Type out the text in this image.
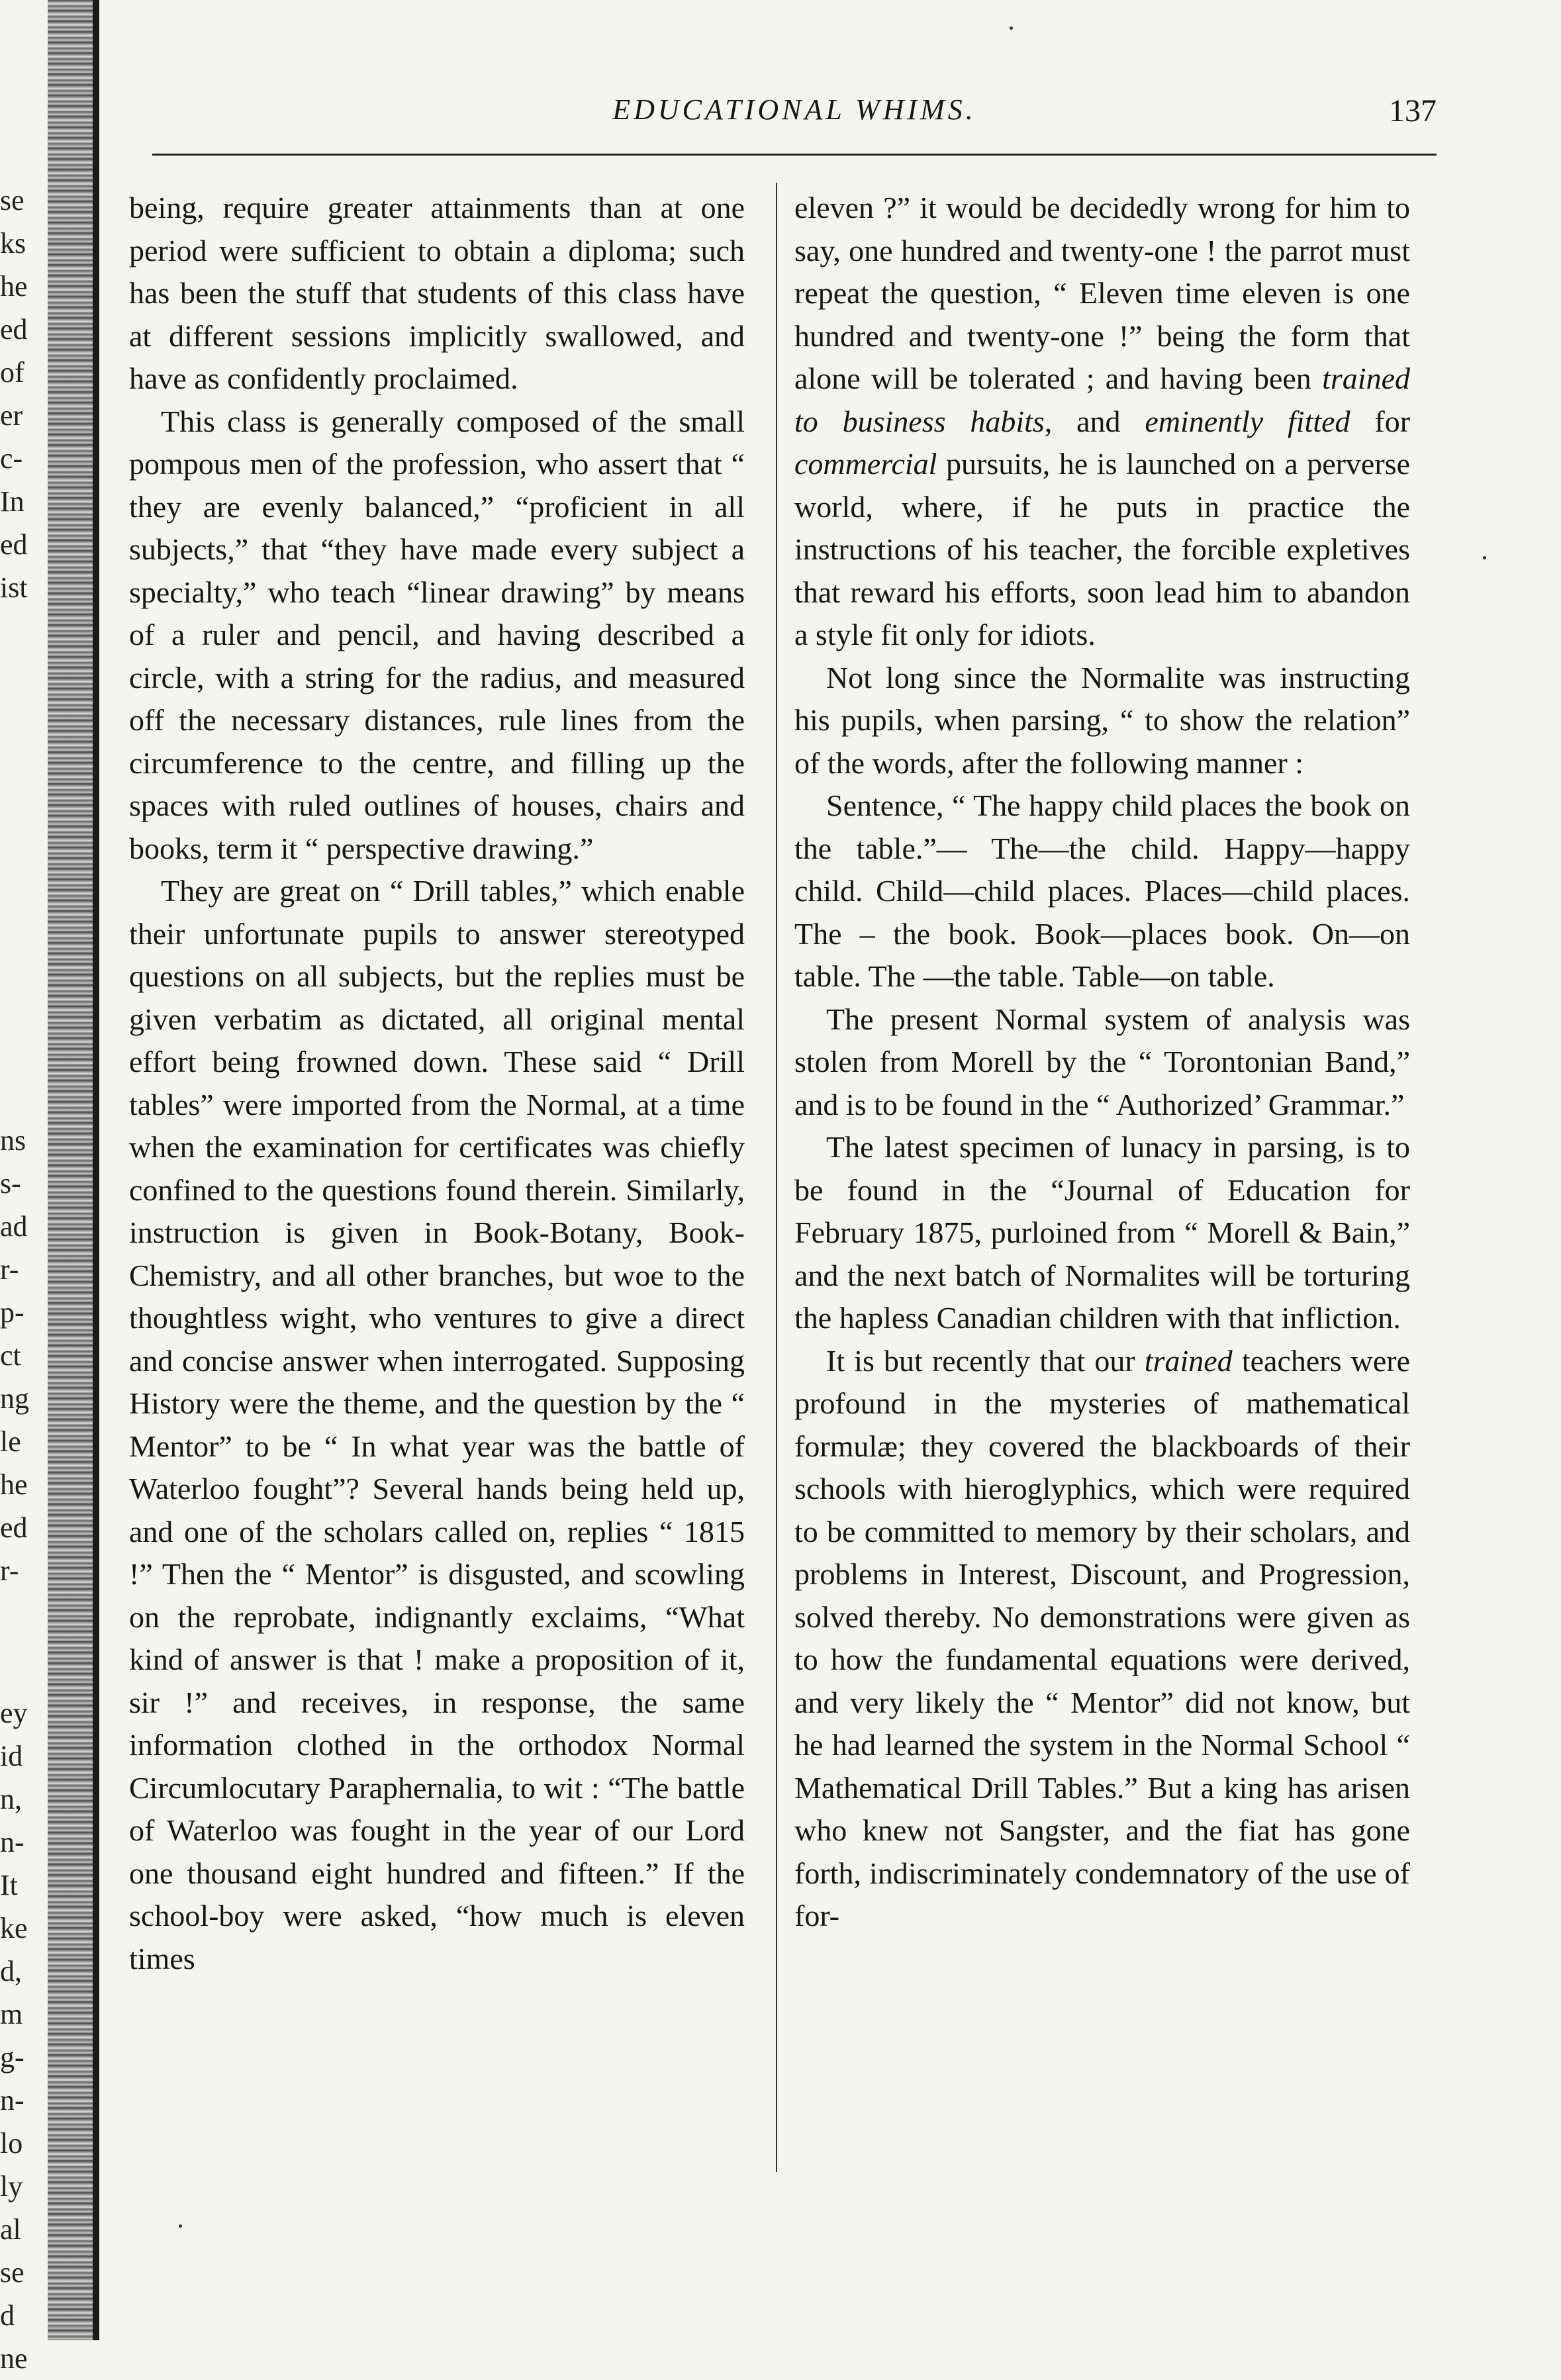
se
ks
he
ed
of
er
c-
In
ed
ist
ns
s-
ad
r-
p-
ct
ng
le
he
ed
r-
ey
id
n,
n-
It
ke
d,
m
g-
n-
lo
ly
al
se
d
ne
EDUCATIONAL WHIMS.	137

being, require greater attainments than at one period were sufficient to obtain a diploma; such has been the stuff that students of this class have at different sessions implicitly swallowed, and have as confidently proclaimed.

This class is generally composed of the small pompous men of the profession, who assert that “ they are evenly balanced,” “proficient in all subjects,” that “they have made every subject a specialty,” who teach “linear drawing” by means of a ruler and pencil, and having described a circle, with a string for the radius, and measured off the necessary distances, rule lines from the circumference to the centre, and filling up the spaces with ruled outlines of houses, chairs and books, term it “ perspective drawing.”

They are great on “ Drill tables,” which enable their unfortunate pupils to answer stereotyped questions on all subjects, but the replies must be given verbatim as dictated, all original mental effort being frowned down. These said “ Drill tables” were imported from the Normal, at a time when the examination for certificates was chiefly confined to the questions found therein. Similarly, instruction is given in Book-Botany, Book-Chemistry, and all other branches, but woe to the thoughtless wight, who ventures to give a direct and concise answer when interrogated. Supposing History were the theme, and the question by the “ Mentor” to be “ In what year was the battle of Waterloo fought”? Several hands being held up, and one of the scholars called on, replies “ 1815 !” Then the “ Mentor” is disgusted, and scowling on the reprobate, indignantly exclaims, “What kind of answer is that ! make a proposition of it, sir !” and receives, in response, the same information clothed in the orthodox Normal Circumlocutary Paraphernalia, to wit : “The battle of Waterloo was fought in the year of our Lord one thousand eight hundred and fifteen.” If the school-boy were asked, “how much is eleven times

eleven ?” it would be decidedly wrong for him to say, one hundred and twenty-one ! the parrot must repeat the question, “ Eleven time eleven is one hundred and twenty-one !” being the form that alone will be tolerated ; and having been trained to business habits, and eminently fitted for commercial pursuits, he is launched on a perverse world, where, if he puts in practice the instructions of his teacher, the forcible expletives that reward his efforts, soon lead him to abandon a style fit only for idiots.

Not long since the Normalite was instructing his pupils, when parsing, “ to show the relation” of the words, after the following manner :

Sentence, “ The happy child places the book on the table.”— The—the child. Happy—happy child. Child—child places. Places—child places. The – the book. Book—places book. On—on table. The —the table. Table—on table.

The present Normal system of analysis was stolen from Morell by the “ Torontonian Band,” and is to be found in the “ Authorized’ Grammar.”

The latest specimen of lunacy in parsing, is to be found in the “Journal of Education for February 1875, purloined from “ Morell & Bain,” and the next batch of Normalites will be torturing the hapless Canadian children with that infliction.

It is but recently that our trained teachers were profound in the mysteries of mathematical formulæ; they covered the blackboards of their schools with hieroglyphics, which were required to be committed to memory by their scholars, and problems in Interest, Discount, and Progression, solved thereby. No demonstrations were given as to how the fundamental equations were derived, and very likely the “ Mentor” did not know, but he had learned the system in the Normal School “ Mathematical Drill Tables.” But a king has arisen who knew not Sangster, and the fiat has gone forth, indiscriminately condemnatory of the use of for-
